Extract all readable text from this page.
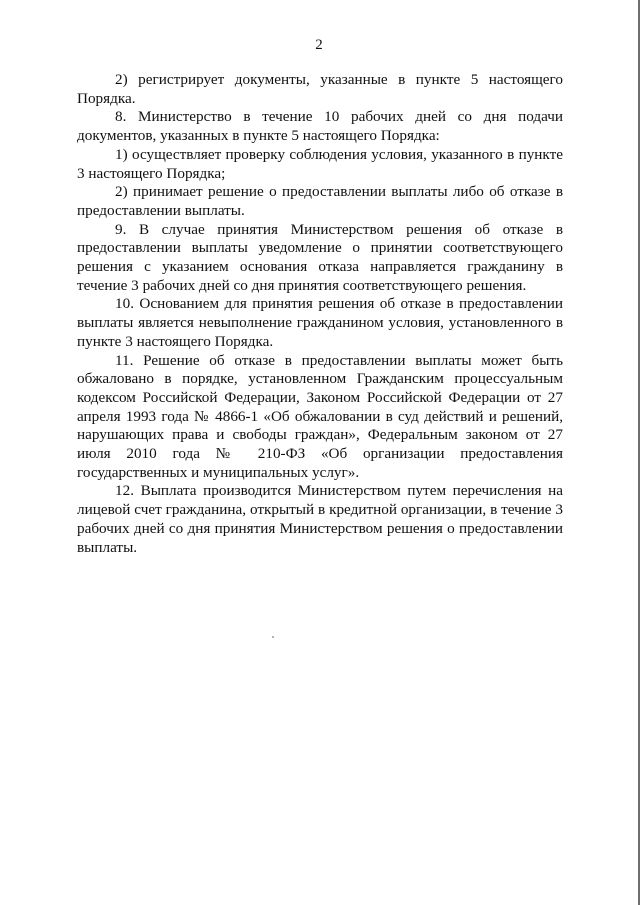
2

2) регистрирует документы, указанные в пункте 5 настоящего Порядка.

8. Министерство в течение 10 рабочих дней со дня подачи документов, указанных в пункте 5 настоящего Порядка:

1) осуществляет проверку соблюдения условия, указанного в пункте 3 настоящего Порядка;

2) принимает решение о предоставлении выплаты либо об отказе в предоставлении выплаты.

9. В случае принятия Министерством решения об отказе в предоставлении выплаты уведомление о принятии соответствующего решения с указанием основания отказа направляется гражданину в течение 3 рабочих дней со дня принятия соответствующего решения.

10. Основанием для принятия решения об отказе в предоставлении выплаты является невыполнение гражданином условия, установленного в пункте 3 настоящего Порядка.

11. Решение об отказе в предоставлении выплаты может быть обжаловано в порядке, установленном Гражданским процессуальным кодексом Российской Федерации, Законом Российской Федерации от 27 апреля 1993 года № 4866-1 «Об обжаловании в суд действий и решений, нарушающих права и свободы граждан», Федеральным законом от 27 июля 2010 года № 210-ФЗ «Об организации предоставления государственных и муниципальных услуг».

12. Выплата производится Министерством путем перечисления на лицевой счет гражданина, открытый в кредитной организации, в течение 3 рабочих дней со дня принятия Министерством решения о предоставлении выплаты.
